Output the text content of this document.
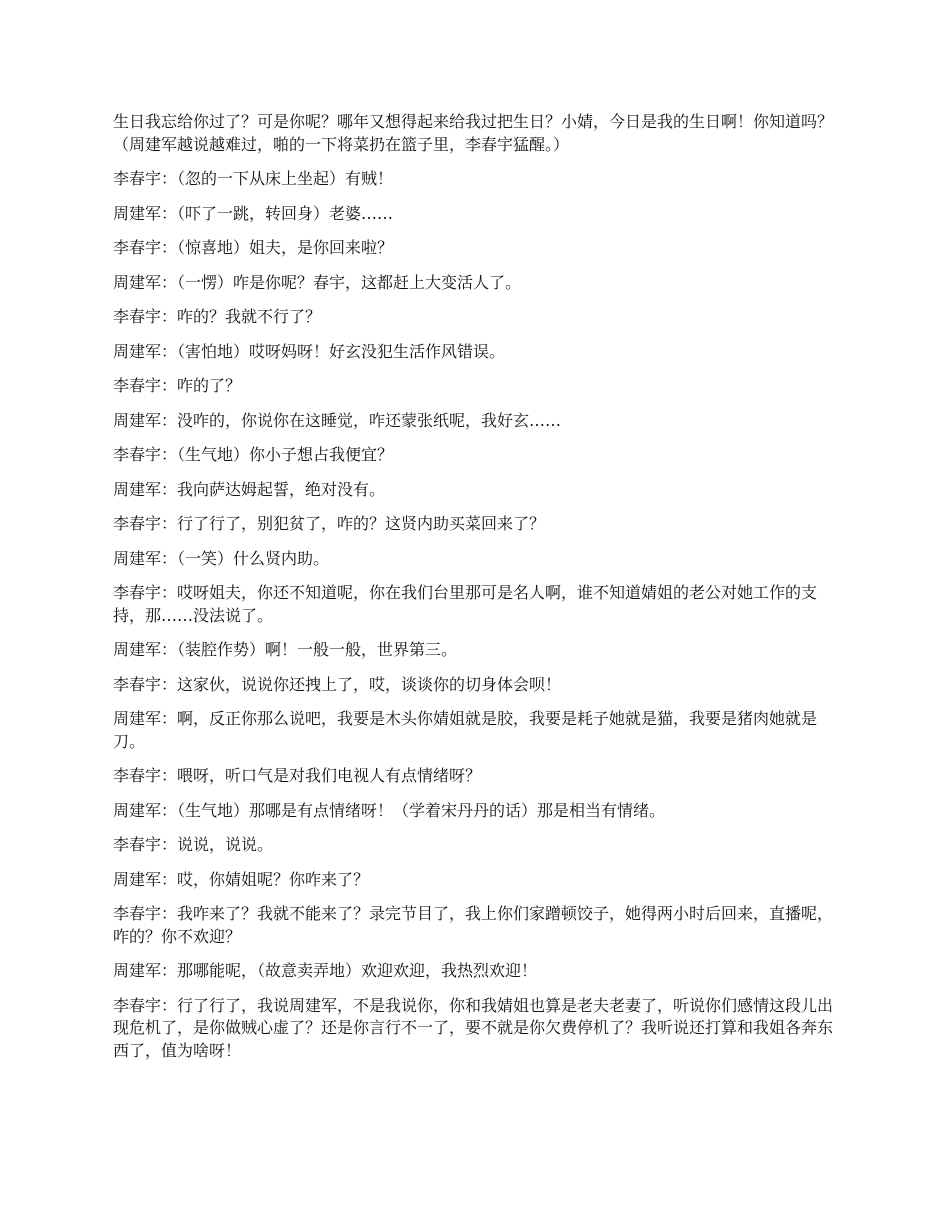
生日我忘给你过了？可是你呢？哪年又想得起来给我过把生日？小婧，今日是我的生日啊！你知道吗？（周建军越说越难过，啪的一下将菜扔在篮子里，李春宇猛醒。）

李春宇：（忽的一下从床上坐起）有贼！

周建军：（吓了一跳，转回身）老婆……

李春宇：（惊喜地）姐夫，是你回来啦？

周建军：（一愣）咋是你呢？春宇，这都赶上大变活人了。

李春宇：咋的？我就不行了？

周建军：（害怕地）哎呀妈呀！好玄没犯生活作风错误。

李春宇：咋的了？

周建军：没咋的，你说你在这睡觉，咋还蒙张纸呢，我好玄……

李春宇：（生气地）你小子想占我便宜？

周建军：我向萨达姆起誓，绝对没有。

李春宇：行了行了，别犯贫了，咋的？这贤内助买菜回来了？

周建军：（一笑）什么贤内助。

李春宇：哎呀姐夫，你还不知道呢，你在我们台里那可是名人啊，谁不知道婧姐的老公对她工作的支持，那……没法说了。

周建军：（装腔作势）啊！一般一般，世界第三。

李春宇：这家伙，说说你还拽上了，哎，谈谈你的切身体会呗！

周建军：啊，反正你那么说吧，我要是木头你婧姐就是胶，我要是耗子她就是猫，我要是猪肉她就是刀。

李春宇：喂呀，听口气是对我们电视人有点情绪呀？

周建军：（生气地）那哪是有点情绪呀！（学着宋丹丹的话）那是相当有情绪。

李春宇：说说，说说。

周建军：哎，你婧姐呢？你咋来了？

李春宇：我咋来了？我就不能来了？录完节目了，我上你们家蹭顿饺子，她得两小时后回来，直播呢，咋的？你不欢迎？

周建军：那哪能呢，（故意卖弄地）欢迎欢迎，我热烈欢迎！

李春宇：行了行了，我说周建军，不是我说你，你和我婧姐也算是老夫老妻了，听说你们感情这段儿出现危机了，是你做贼心虚了？还是你言行不一了，要不就是你欠费停机了？我听说还打算和我姐各奔东西了，值为啥呀！
